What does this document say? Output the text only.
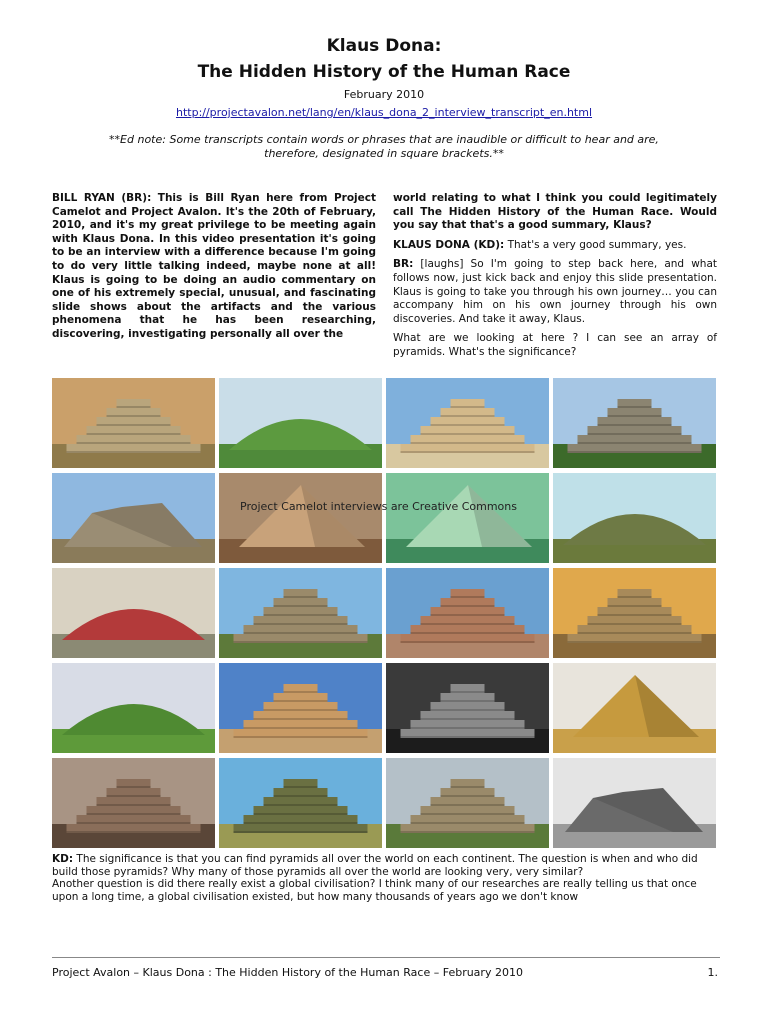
Klaus Dona:
The Hidden History of the Human Race
February 2010
http://projectavalon.net/lang/en/klaus_dona_2_interview_transcript_en.html
**Ed note: Some transcripts contain words or phrases that are inaudible or difficult to hear and are, therefore, designated in square brackets.**

BILL RYAN (BR): This is Bill Ryan here from Project Camelot and Project Avalon. It's the 20th of February, 2010, and it's my great privilege to be meeting again with Klaus Dona. In this video presentation it's going to be an interview with a difference because I'm going to do very little talking indeed, maybe none at all! Klaus is going to be doing an audio commentary on one of his extremely special, unusual, and fascinating slide shows about the artifacts and the various phenomena that he has been researching, discovering, investigating personally all over the

world relating to what I think you could legitimately call The Hidden History of the Human Race. Would you say that that's a good summary, Klaus?

KLAUS DONA (KD): That's a very good summary, yes.

BR: [laughs] So I'm going to step back here, and what follows now, just kick back and enjoy this slide presentation. Klaus is going to take you through his own journey… you can accompany him on his own journey through his own discoveries. And take it away, Klaus.

What are we looking at here ? I can see an array of pyramids. What's the significance?

Project Camelot interviews are Creative Commons

KD: The significance is that you can find pyramids all over the world on each continent. The question is when and who did build those pyramids? Why many of those pyramids all over the world are looking very, very similar?

Another question is did there really exist a global civilisation? I think many of our researches are really telling us that once upon a long time, a global civilisation existed, but how many thousands of years ago we don't know

Project Avalon – Klaus Dona : The Hidden History of the Human Race – February 2010	1.
